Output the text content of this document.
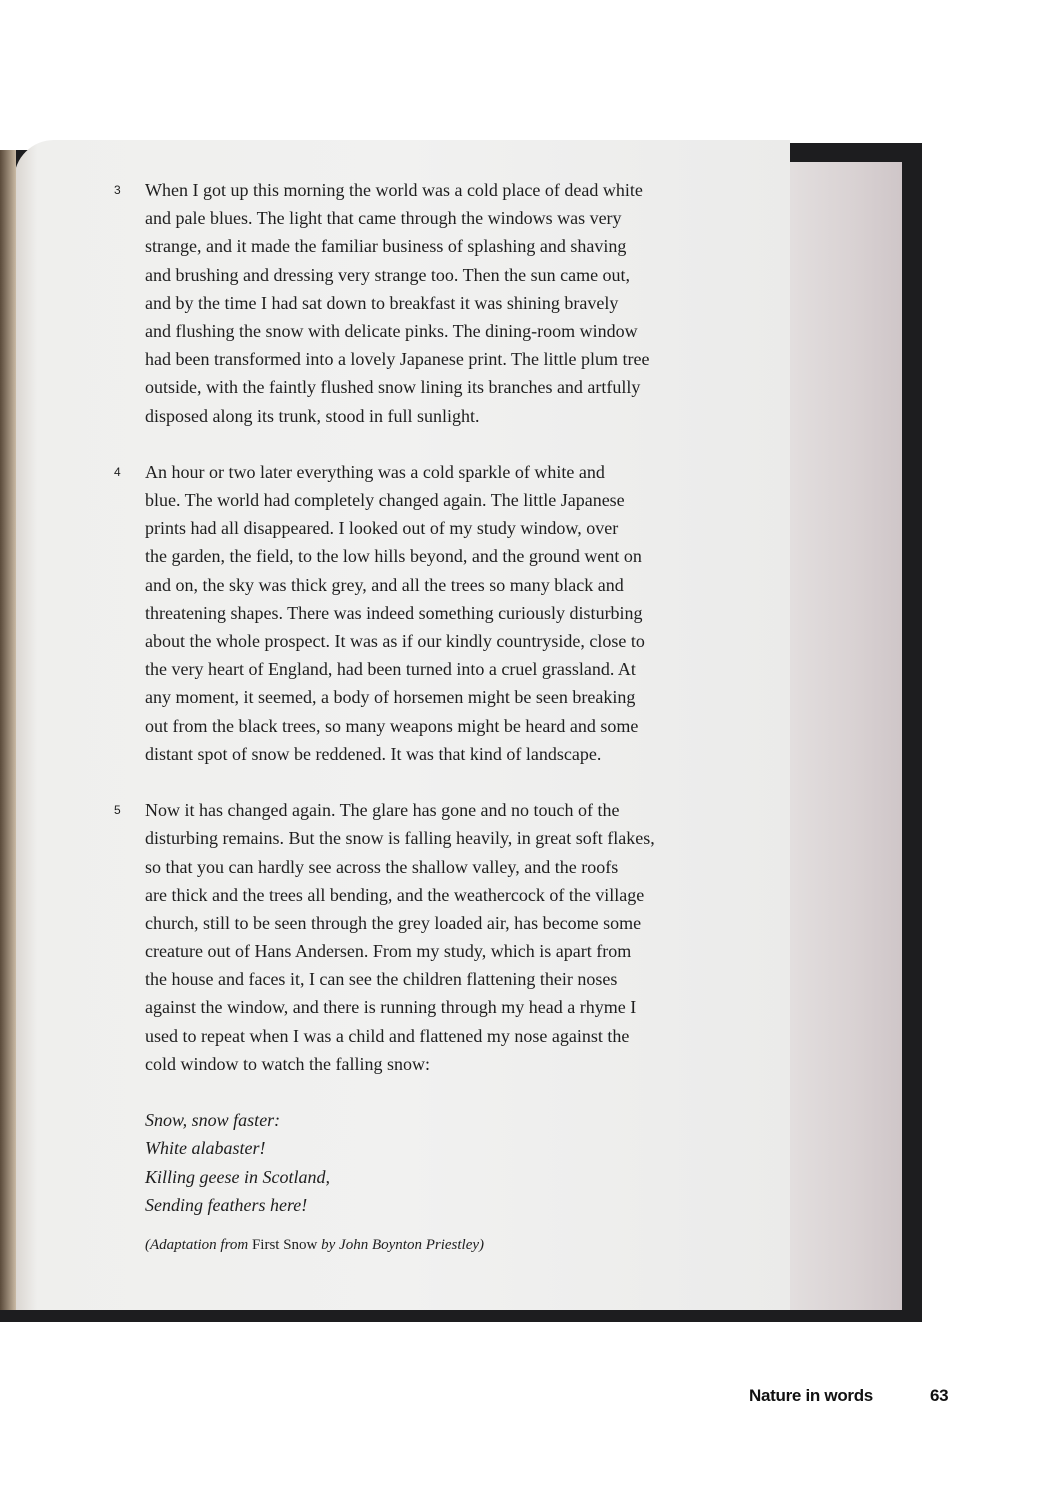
3 When I got up this morning the world was a cold place of dead white
and pale blues. The light that came through the windows was very
strange, and it made the familiar business of splashing and shaving
and brushing and dressing very strange too. Then the sun came out,
and by the time I had sat down to breakfast it was shining bravely
and flushing the snow with delicate pinks. The dining-room window
had been transformed into a lovely Japanese print. The little plum tree
outside, with the faintly flushed snow lining its branches and artfully
disposed along its trunk, stood in full sunlight.
4 An hour or two later everything was a cold sparkle of white and
blue. The world had completely changed again. The little Japanese
prints had all disappeared. I looked out of my study window, over
the garden, the field, to the low hills beyond, and the ground went on
and on, the sky was thick grey, and all the trees so many black and
threatening shapes. There was indeed something curiously disturbing
about the whole prospect. It was as if our kindly countryside, close to
the very heart of England, had been turned into a cruel grassland. At
any moment, it seemed, a body of horsemen might be seen breaking
out from the black trees, so many weapons might be heard and some
distant spot of snow be reddened. It was that kind of landscape.
5 Now it has changed again. The glare has gone and no touch of the
disturbing remains. But the snow is falling heavily, in great soft flakes,
so that you can hardly see across the shallow valley, and the roofs
are thick and the trees all bending, and the weathercock of the village
church, still to be seen through the grey loaded air, has become some
creature out of Hans Andersen. From my study, which is apart from
the house and faces it, I can see the children flattening their noses
against the window, and there is running through my head a rhyme I
used to repeat when I was a child and flattened my nose against the
cold window to watch the falling snow:
Snow, snow faster:
White alabaster!
Killing geese in Scotland,
Sending feathers here!
(Adaptation from First Snow by John Boynton Priestley)
Nature in words	63
